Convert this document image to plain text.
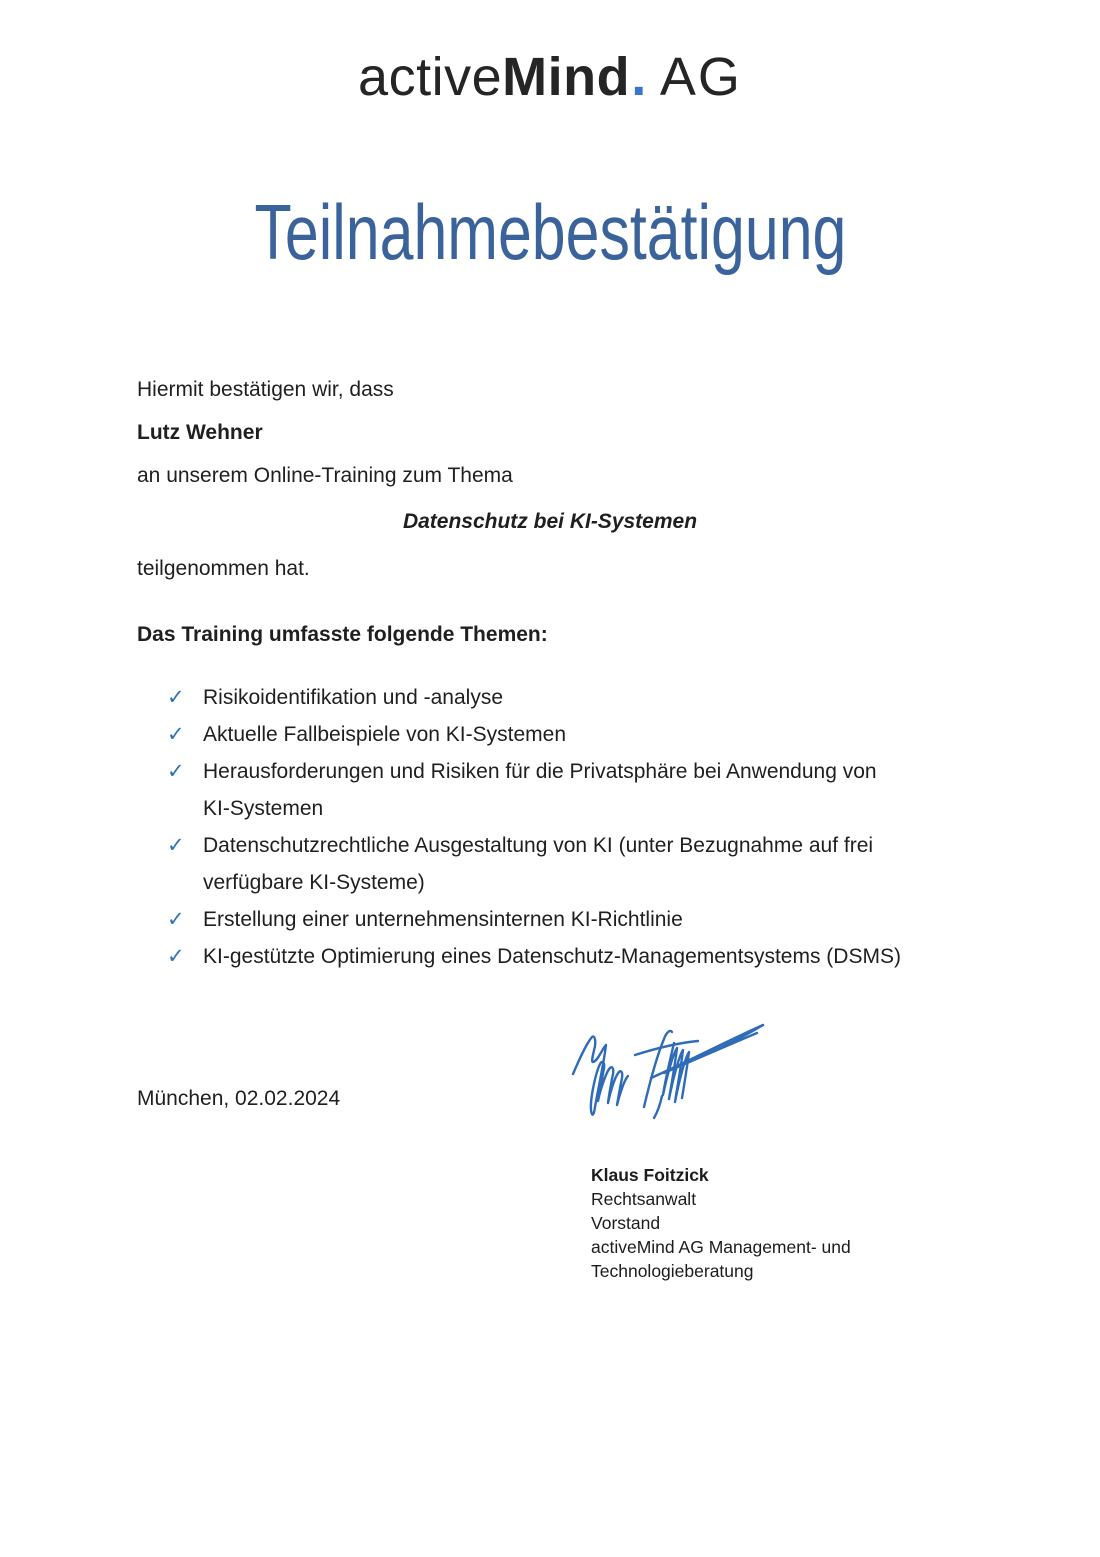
activeMind. AG
Teilnahmebestätigung

Hiermit bestätigen wir, dass

Lutz Wehner

an unserem Online-Training zum Thema

Datenschutz bei KI-Systemen

teilgenommen hat.

Das Training umfasste folgende Themen:

✓ Risikoidentifikation und -analyse
✓ Aktuelle Fallbeispiele von KI-Systemen
✓ Herausforderungen und Risiken für die Privatsphäre bei Anwendung von KI-Systemen
✓ Datenschutzrechtliche Ausgestaltung von KI (unter Bezugnahme auf frei verfügbare KI-Systeme)
✓ Erstellung einer unternehmensinternen KI-Richtlinie
✓ KI-gestützte Optimierung eines Datenschutz-Managementsystems (DSMS)
München, 02.02.2024
Klaus Foitzick
Rechtsanwalt
Vorstand
activeMind AG Management- und
Technologieberatung
